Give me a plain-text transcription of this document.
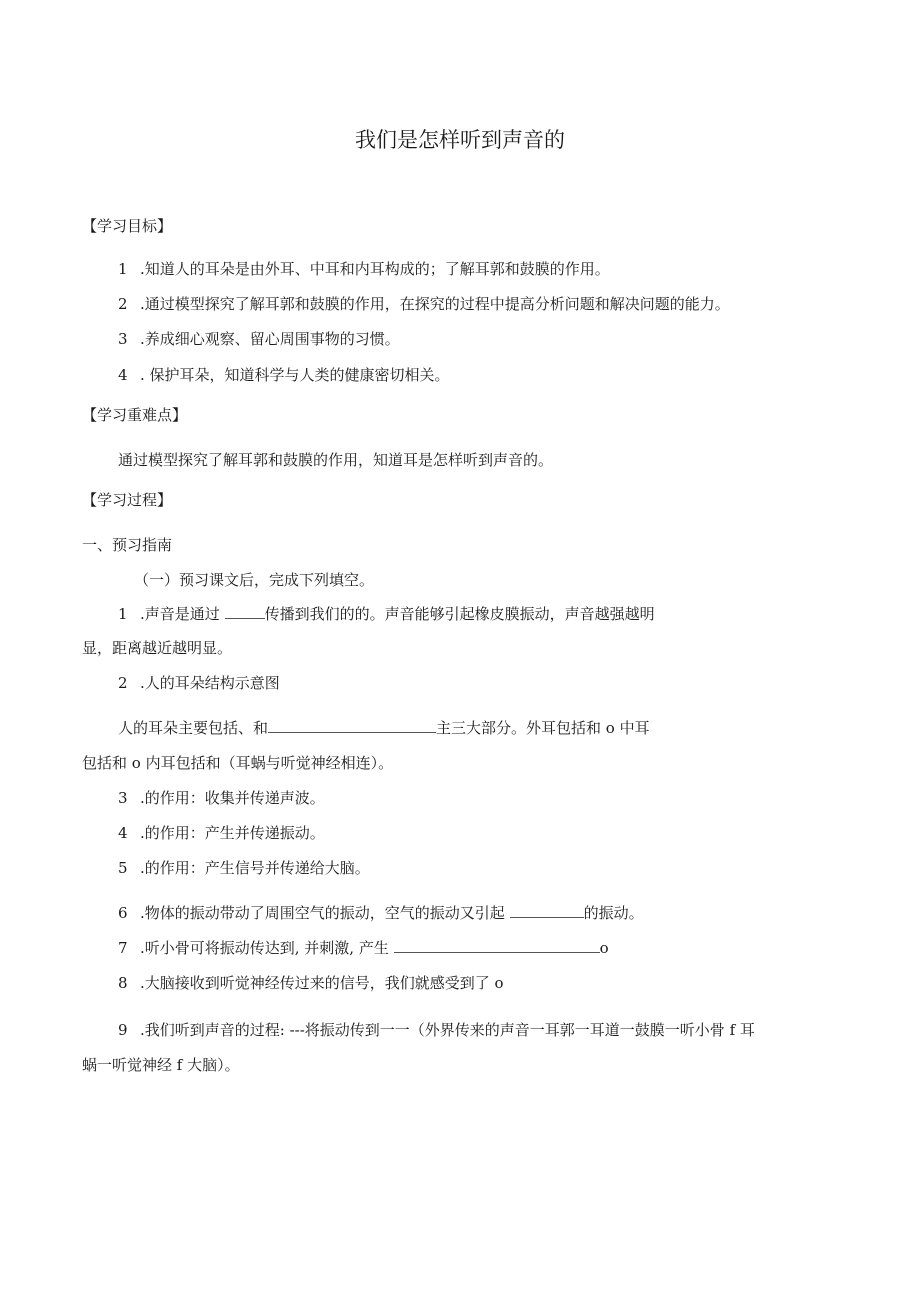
我们是怎样听到声音的
【学习目标】
1 .知道人的耳朵是由外耳、中耳和内耳构成的；了解耳郭和鼓膜的作用。
2 .通过模型探究了解耳郭和鼓膜的作用，在探究的过程中提高分析问题和解决问题的能力。
3 .养成细心观察、留心周围事物的习惯。
4 . 保护耳朵，知道科学与人类的健康密切相关。
【学习重难点】
通过模型探究了解耳郭和鼓膜的作用，知道耳是怎样听到声音的。
【学习过程】
一、预习指南
（一）预习课文后，完成下列填空。
1 .声音是通过	传播到我们的的。声音能够引起橡皮膜振动，声音越强越明
显，距离越近越明显。
2 .人的耳朵结构示意图
人的耳朵主要包括、和	主三大部分。外耳包括和 o 中耳
包括和 o 内耳包括和（耳蜗与听觉神经相连）。
3 .的作用：收集并传递声波。
4 .的作用：产生并传递振动。
5 .的作用：产生信号并传递给大脑。
6 .物体的振动带动了周围空气的振动，空气的振动又引起	的振动。
7 .听小骨可将振动传达到, 并刺激, 产生	o
8 .大脑接收到听觉神经传过来的信号，我们就感受到了 o
9 .我们听到声音的过程: ---将振动传到一一（外界传来的声音一耳郭一耳道一鼓膜一听小骨 f 耳
蜗一听觉神经 f 大脑）。
